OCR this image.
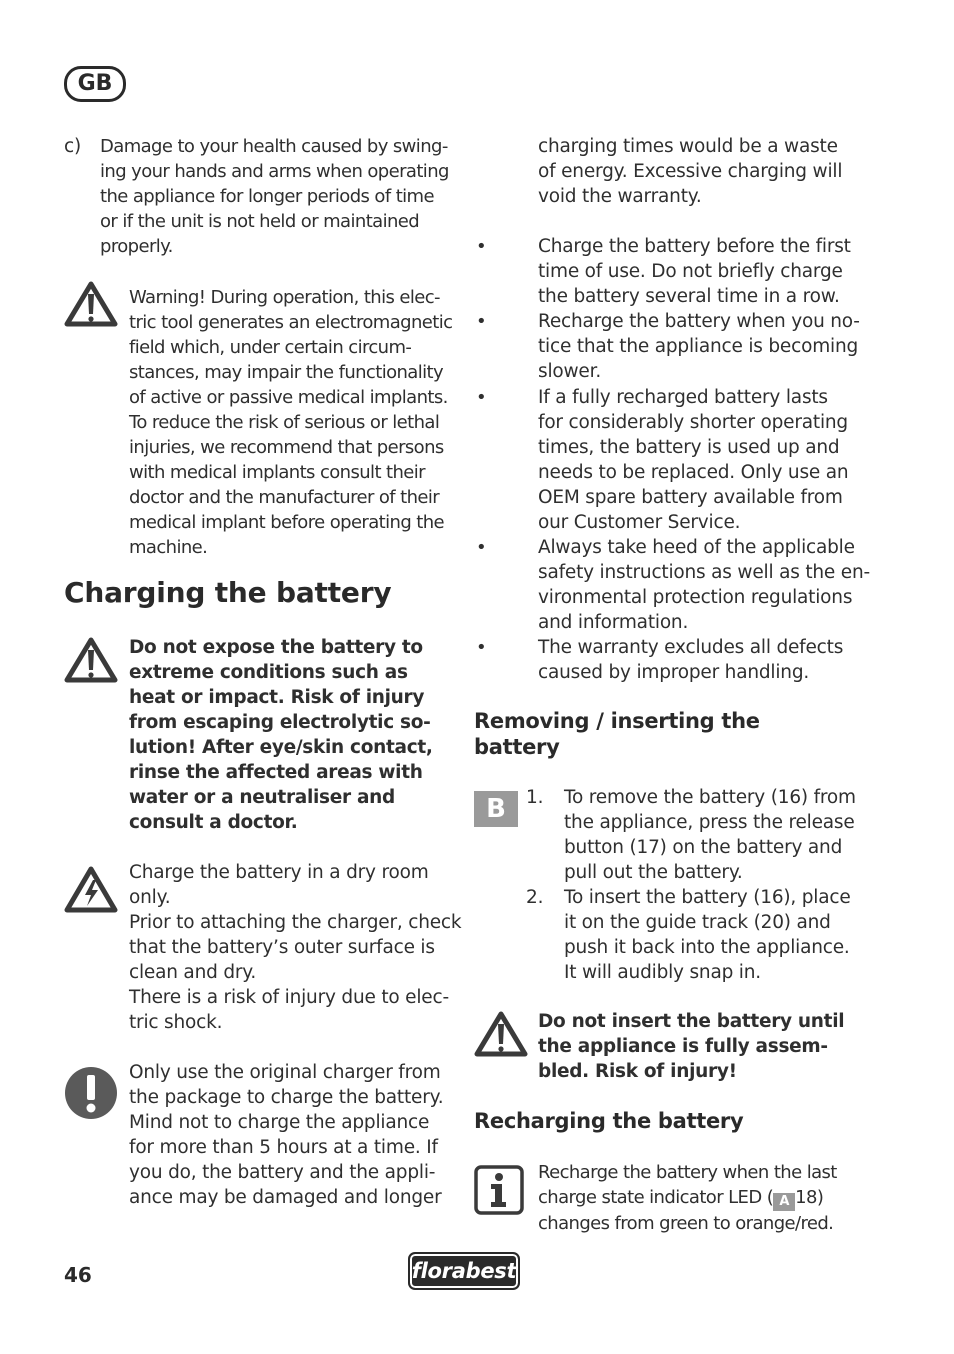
GB
c) Damage to your health caused by swing-
ing your hands and arms when operating
the appliance for longer periods of time
or if the unit is not held or maintained
properly.
Warning! During operation, this elec-
tric tool generates an electromagnetic
field which, under certain circum-
stances, may impair the functionality
of active or passive medical implants.
To reduce the risk of serious or lethal
injuries, we recommend that persons
with medical implants consult their
doctor and the manufacturer of their
medical implant before operating the
machine.
Charging the battery
Do not expose the battery to
extreme conditions such as
heat or impact. Risk of injury
from escaping electrolytic so-
lution! After eye/skin contact,
rinse the affected areas with
water or a neutraliser and
consult a doctor.
Charge the battery in a dry room
only.
Prior to attaching the charger, check
that the battery’s outer surface is
clean and dry.
There is a risk of injury due to elec-
tric shock.
Only use the original charger from
the package to charge the battery.
Mind not to charge the appliance
for more than 5 hours at a time. If
you do, the battery and the appli-
ance may be damaged and longer
charging times would be a waste
of energy. Excessive charging will
void the warranty.
•	Charge the battery before the first
time of use. Do not briefly charge
the battery several time in a row.
•	Recharge the battery when you no-
tice that the appliance is becoming
slower.
•	If a fully recharged battery lasts
for considerably shorter operating
times, the battery is used up and
needs to be replaced. Only use an
OEM spare battery available from
our Customer Service.
•	Always take heed of the applicable
safety instructions as well as the en-
vironmental protection regulations
and information.
•	The warranty excludes all defects
caused by improper handling.
Removing / inserting the
battery
B	1. To remove the battery (16) from
the appliance, press the release
button (17) on the battery and
pull out the battery.
2. To insert the battery (16), place
it on the guide track (20) and
push it back into the appliance.
It will audibly snap in.
Do not insert the battery until
the appliance is fully assem-
bled. Risk of injury!
Recharging the battery
Recharge the battery when the last
charge state indicator LED ( A 18)
changes from green to orange/red.
46	florabest
